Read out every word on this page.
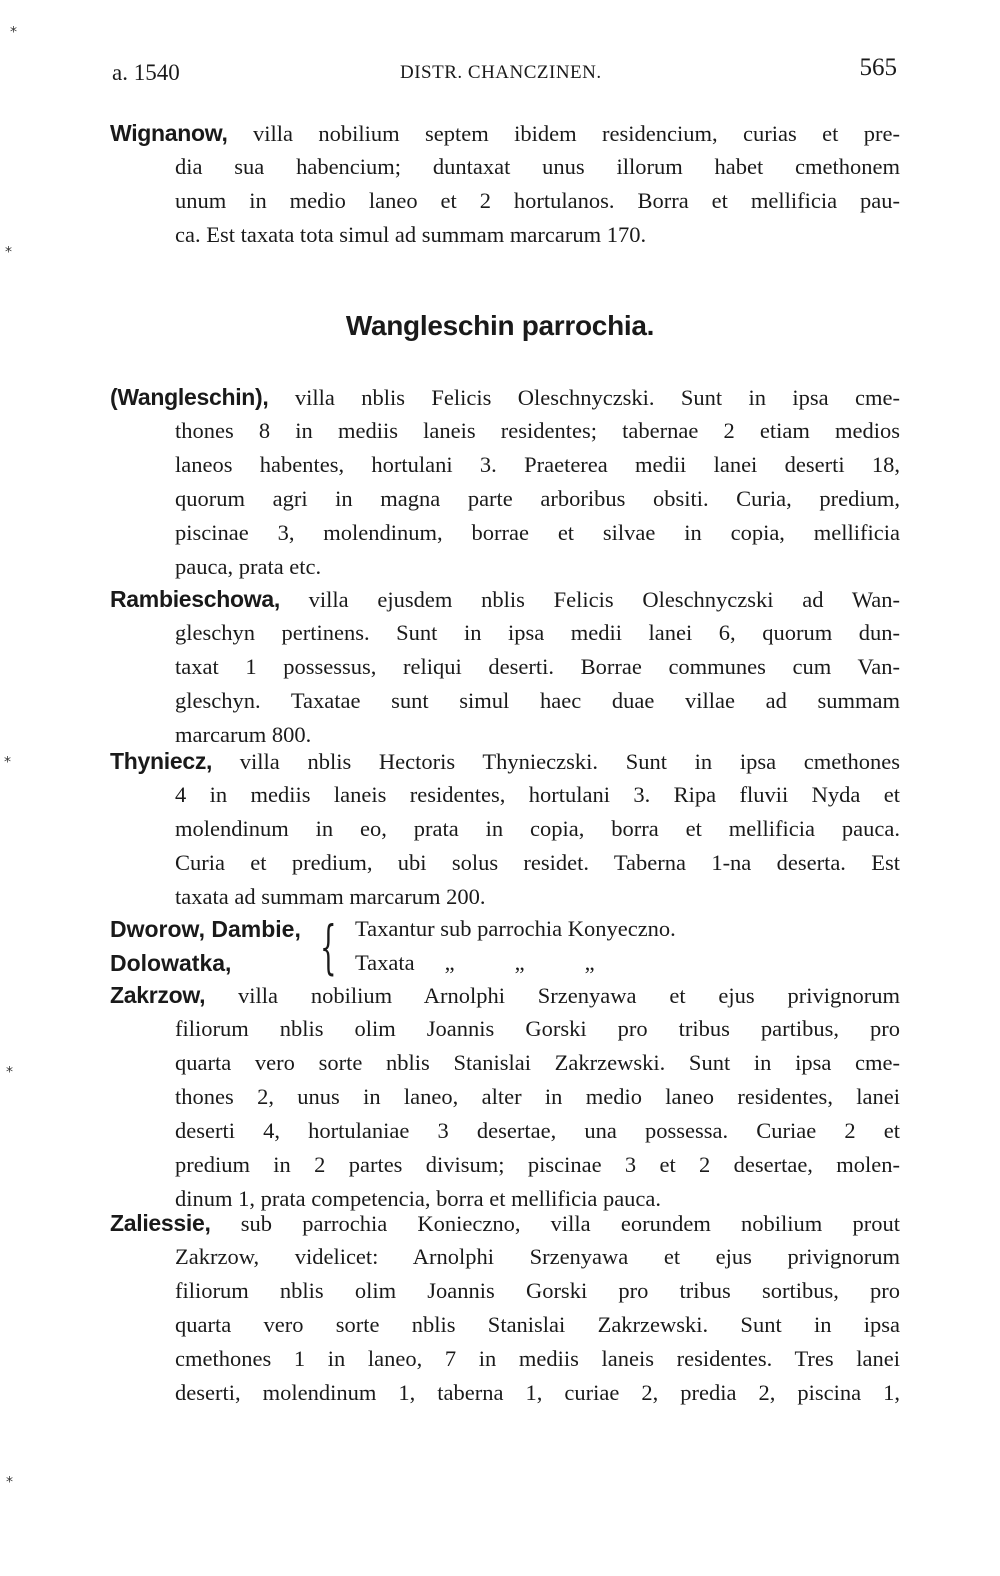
a. 1540	DISTR. CHANCZINEN.	565
Wignanow, villa nobilium septem ibidem residencium, curias et pre-
dia sua habencium; duntaxat unus illorum habet cmethonem
unum in medio laneo et 2 hortulanos. Borra et mellificia pau-
ca. Est taxata tota simul ad summam marcarum 170.
Wangleschin parrochia.
(Wangleschin), villa nblis Felicis Oleschnyczski. Sunt in ipsa cme-
thones 8 in mediis laneis residentes; tabernae 2 etiam medios
laneos habentes, hortulani 3. Praeterea medii lanei deserti 18,
quorum agri in magna parte arboribus obsiti. Curia, predium,
piscinae 3, molendinum, borrae et silvae in copia, mellificia
pauca, prata etc.
Rambieschowa, villa ejusdem nblis Felicis Oleschnyczski ad Wan-
gleschyn pertinens. Sunt in ipsa medii lanei 6, quorum dun-
taxat 1 possessus, reliqui deserti. Borrae communes cum Van-
gleschyn. Taxatae sunt simul haec duae villae ad summam
marcarum 800.
Thyniecz, villa nblis Hectoris Thynieczski. Sunt in ipsa cmethones
4 in mediis laneis residentes, hortulani 3. Ripa fluvii Nyda et
molendinum in eo, prata in copia, borra et mellificia pauca.
Curia et predium, ubi solus residet. Taberna 1-na deserta. Est
taxata ad summam marcarum 200.
Dworow, Dambie,
Dolowatka,	{ Taxantur sub parrochia Konyeczno.
Taxata „	„	„
Zakrzow, villa nobilium Arnolphi Srzenyawa et ejus privignorum
filiorum nblis olim Joannis Gorski pro tribus partibus, pro
quarta vero sorte nblis Stanislai Zakrzewski. Sunt in ipsa cme-
thones 2, unus in laneo, alter in medio laneo residentes, lanei
deserti 4, hortulaniae 3 desertae, una possessa. Curiae 2 et
predium in 2 partes divisum; piscinae 3 et 2 desertae, molen-
dinum 1, prata competencia, borra et mellificia pauca.
Zaliessie, sub parrochia Konieczno, villa eorundem nobilium prout
Zakrzow, videlicet: Arnolphi Srzenyawa et ejus privignorum
filiorum nblis olim Joannis Gorski pro tribus sortibus, pro
quarta vero sorte nblis Stanislai Zakrzewski. Sunt in ipsa
cmethones 1 in laneo, 7 in mediis laneis residentes. Tres lanei
deserti, molendinum 1, taberna 1, curiae 2, predia 2, piscina 1,
⁎
⁎
⁎
⁎
⁎
